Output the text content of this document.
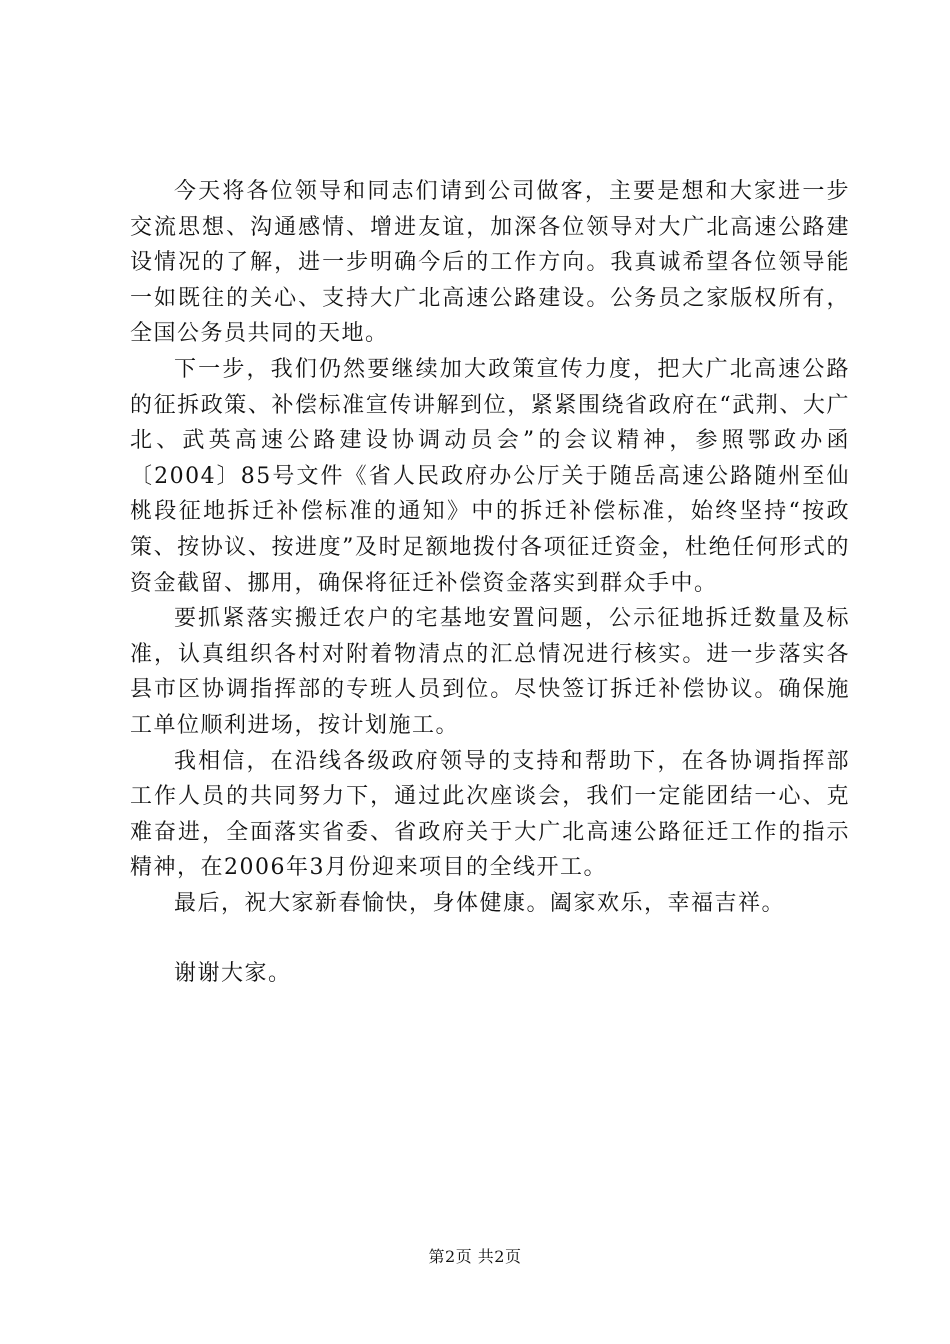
今天将各位领导和同志们请到公司做客，主要是想和大家进一步交流思想、沟通感情、增进友谊，加深各位领导对大广北高速公路建设情况的了解，进一步明确今后的工作方向。我真诚希望各位领导能一如既往的关心、支持大广北高速公路建设。公务员之家版权所有，全国公务员共同的天地。

下一步，我们仍然要继续加大政策宣传力度，把大广北高速公路的征拆政策、补偿标准宣传讲解到位，紧紧围绕省政府在“武荆、大广北、武英高速公路建设协调动员会”的会议精神，参照鄂政办函〔2004〕85号文件《省人民政府办公厅关于随岳高速公路随州至仙桃段征地拆迁补偿标准的通知》中的拆迁补偿标准，始终坚持“按政策、按协议、按进度”及时足额地拨付各项征迁资金，杜绝任何形式的资金截留、挪用，确保将征迁补偿资金落实到群众手中。

要抓紧落实搬迁农户的宅基地安置问题，公示征地拆迁数量及标准，认真组织各村对附着物清点的汇总情况进行核实。进一步落实各县市区协调指挥部的专班人员到位。尽快签订拆迁补偿协议。确保施工单位顺利进场，按计划施工。

我相信，在沿线各级政府领导的支持和帮助下，在各协调指挥部工作人员的共同努力下，通过此次座谈会，我们一定能团结一心、克难奋进，全面落实省委、省政府关于大广北高速公路征迁工作的指示精神，在2006年3月份迎来项目的全线开工。

最后，祝大家新春愉快，身体健康。阖家欢乐，幸福吉祥。

谢谢大家。

第2页 共2页
